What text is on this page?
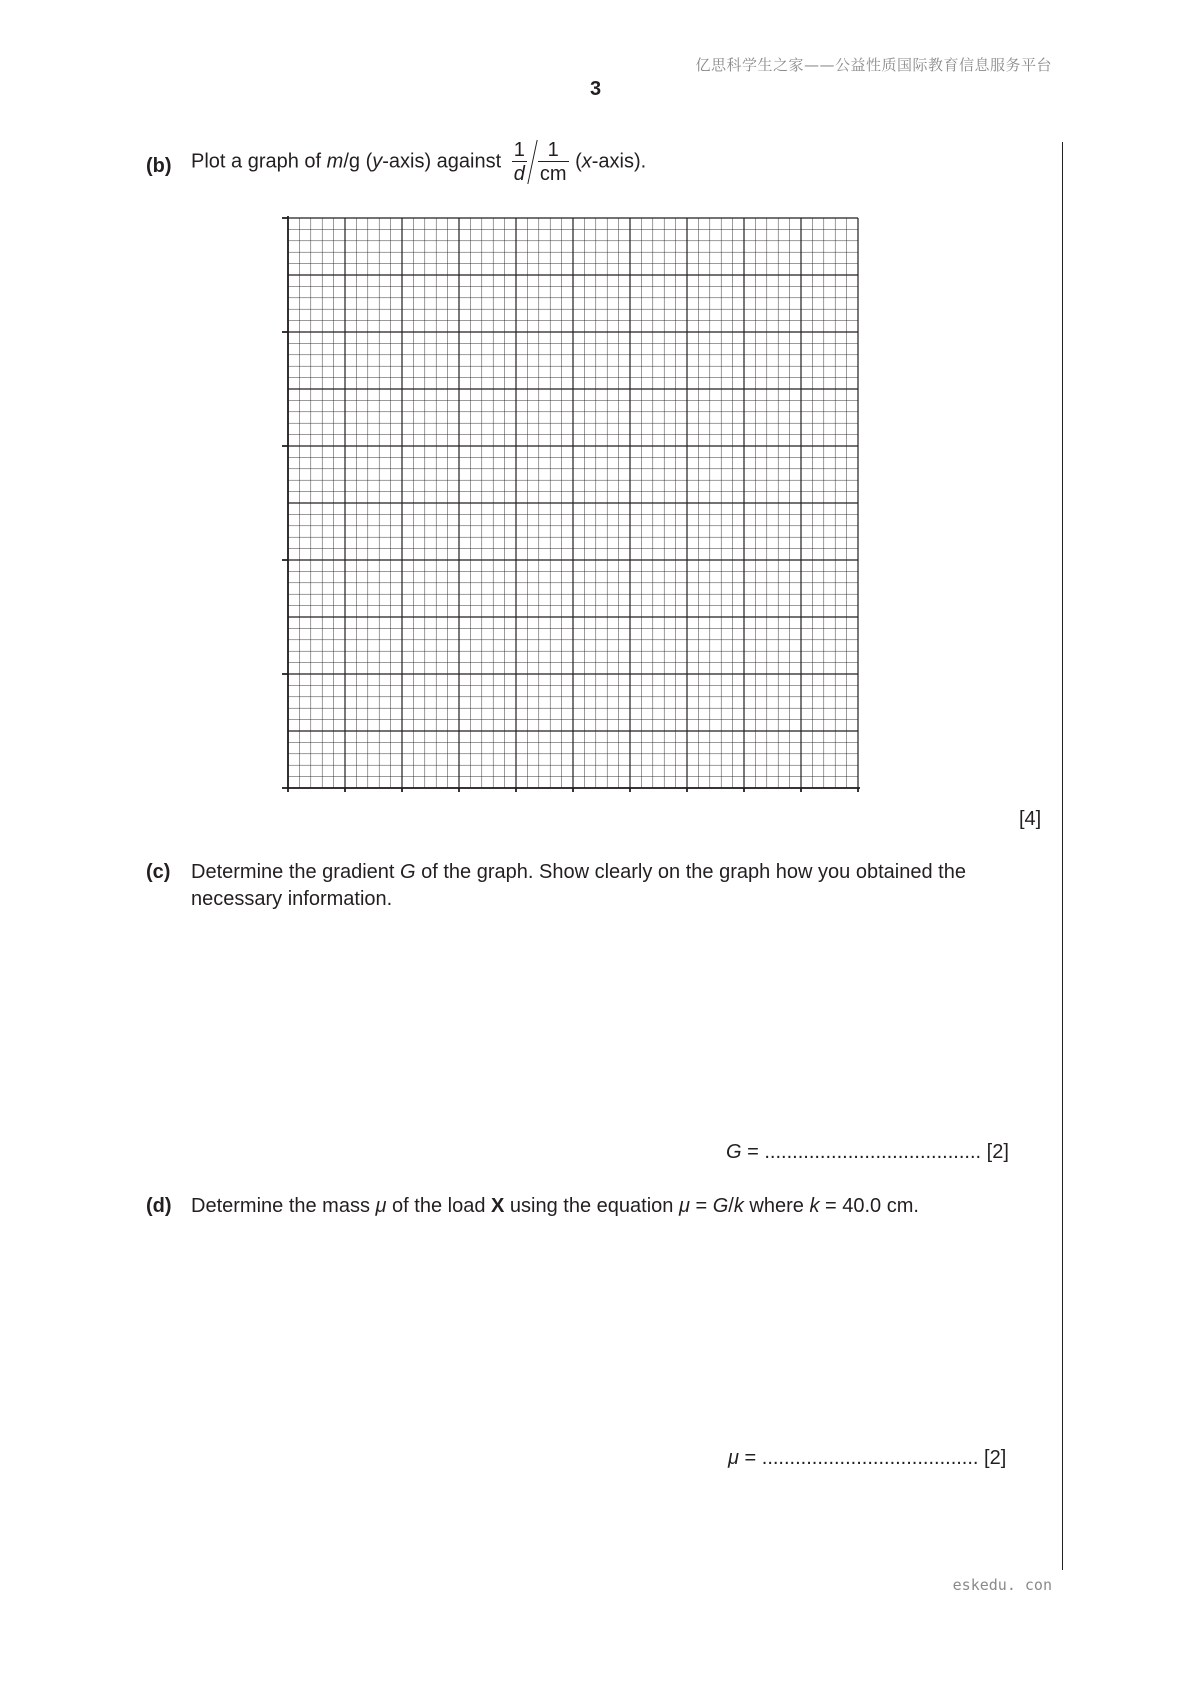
亿思科学生之家——公益性质国际教育信息服务平台
3
(b) Plot a graph of m/g (y-axis) against $\frac{1}{d} \frac{1}{cm}$ (x-axis).
[4]
(c) Determine the gradient G of the graph. Show clearly on the graph how you obtained the
necessary information.
G = ....................................... [2]
(d) Determine the mass μ of the load X using the equation μ = G/k where k = 40.0 cm.
μ = ....................................... [2]
eskedu. con
